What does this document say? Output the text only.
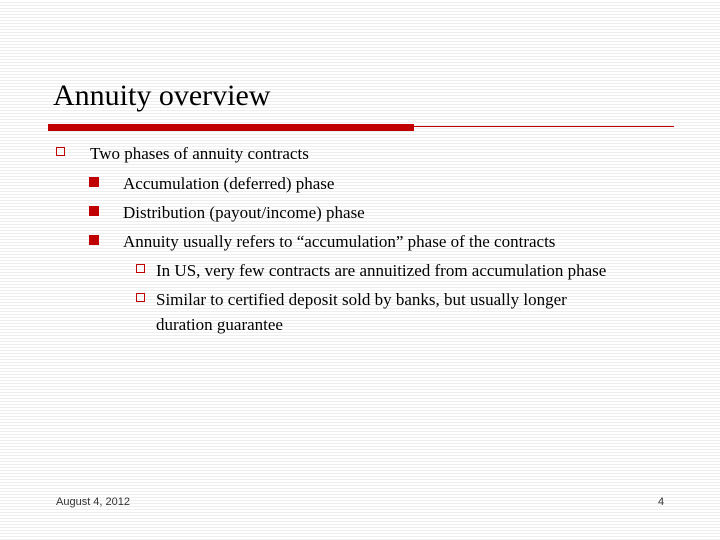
Annuity overview
Two phases of annuity contracts
Accumulation (deferred) phase
Distribution (payout/income) phase
Annuity usually refers to “accumulation” phase of the contracts
In US, very few contracts are annuitized from accumulation phase
Similar to certified deposit sold by banks, but usually longer
duration guarantee
August 4, 2012	4
